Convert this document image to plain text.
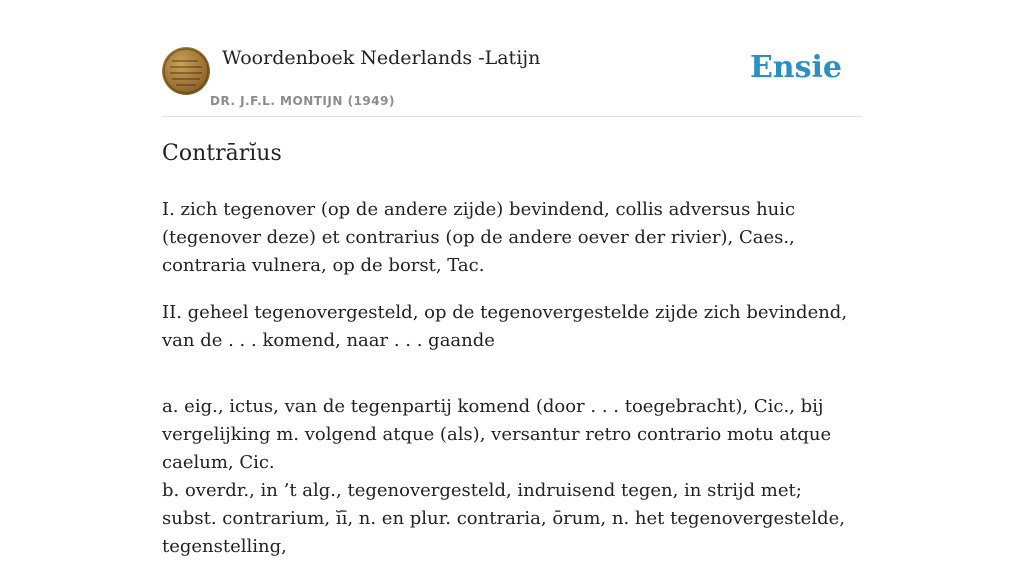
Woordenboek Nederlands -Latijn
DR. J.F.L. MONTIJN (1949)
Ensie
Contrārĭus

I. zich tegenover (op de andere zijde) bevindend, collis adversus huic (tegenover deze) et contrarius (op de andere oever der rivier), Caes., contraria vulnera, op de borst, Tac.

II. geheel tegenovergesteld, op de tegenovergestelde zijde zich bevindend, van de . . . komend, naar . . . gaande

a. eig., ictus, van de tegenpartij komend (door . . . toegebracht), Cic., bij vergelijking m. volgend atque (als), versantur retro contrario motu atque caelum, Cic.

b. overdr., in ’t alg., tegenovergesteld, indruisend tegen, in strijd met; subst. contrarium, ĭī, n. en plur. contraria, ōrum, n. het tegenovergestelde, tegenstelling,
